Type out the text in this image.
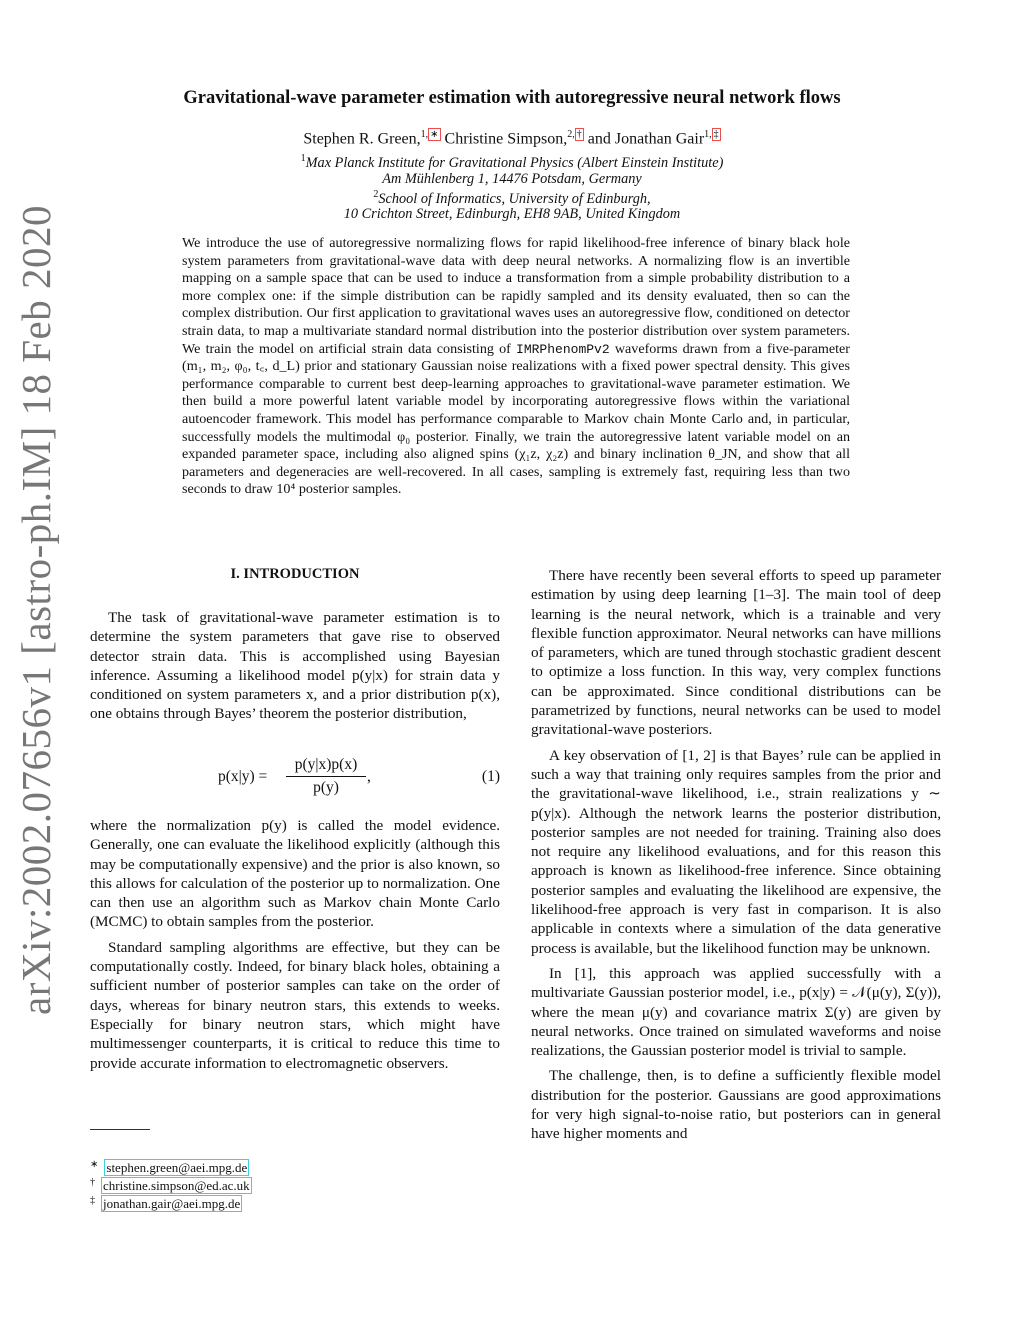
arXiv:2002.07656v1 [astro-ph.IM] 18 Feb 2020
Gravitational-wave parameter estimation with autoregressive neural network flows
Stephen R. Green,$^{1,}$ ∗ Christine Simpson,$^{2,}$ † and Jonathan Gair$^{1,}$ ‡
$^1$Max Planck Institute for Gravitational Physics (Albert Einstein Institute)
Am Mühlenberg 1, 14476 Potsdam, Germany
$^2$School of Informatics, University of Edinburgh,
10 Crichton Street, Edinburgh, EH8 9AB, United Kingdom
We introduce the use of autoregressive normalizing flows for rapid likelihood-free inference of binary black hole system parameters from gravitational-wave data with deep neural networks. A normalizing flow is an invertible mapping on a sample space that can be used to induce a transformation from a simple probability distribution to a more complex one: if the simple distribution can be rapidly sampled and its density evaluated, then so can the complex distribution. Our first application to gravitational waves uses an autoregressive flow, conditioned on detector strain data, to map a multivariate standard normal distribution into the posterior distribution over system parameters. We train the model on artificial strain data consisting of IMRPhenomPv2 waveforms drawn from a five-parameter (m₁, m₂, φ₀, t꜀, d_L) prior and stationary Gaussian noise realizations with a fixed power spectral density. This gives performance comparable to current best deep-learning approaches to gravitational-wave parameter estimation. We then build a more powerful latent variable model by incorporating autoregressive flows within the variational autoencoder framework. This model has performance comparable to Markov chain Monte Carlo and, in particular, successfully models the multimodal φ₀ posterior. Finally, we train the autoregressive latent variable model on an expanded parameter space, including also aligned spins (χ₁z, χ₂z) and binary inclination θ_JN, and show that all parameters and degeneracies are well-recovered. In all cases, sampling is extremely fast, requiring less than two seconds to draw 10⁴ posterior samples.
I. INTRODUCTION

The task of gravitational-wave parameter estimation is to determine the system parameters that gave rise to observed detector strain data. This is accomplished using Bayesian inference. Assuming a likelihood model p(y|x) for strain data y conditioned on system parameters x, and a prior distribution p(x), one obtains through Bayes’ theorem the posterior distribution,

$p(x|y) = \frac{p(y|x)p(x)}{p(y)}$ ,	(1)

where the normalization p(y) is called the model evidence. Generally, one can evaluate the likelihood explicitly (although this may be computationally expensive) and the prior is also known, so this allows for calculation of the posterior up to normalization. One can then use an algorithm such as Markov chain Monte Carlo (MCMC) to obtain samples from the posterior.

Standard sampling algorithms are effective, but they can be computationally costly. Indeed, for binary black holes, obtaining a sufficient number of posterior samples can take on the order of days, whereas for binary neutron stars, this extends to weeks. Especially for binary neutron stars, which might have multimessenger counterparts, it is critical to reduce this time to provide accurate information to electromagnetic observers.

∗ stephen.green@aei.mpg.de
† christine.simpson@ed.ac.uk
‡ jonathan.gair@aei.mpg.de

There have recently been several efforts to speed up parameter estimation by using deep learning [1–3]. The main tool of deep learning is the neural network, which is a trainable and very flexible function approximator. Neural networks can have millions of parameters, which are tuned through stochastic gradient descent to optimize a loss function. In this way, very complex functions can be approximated. Since conditional distributions can be parametrized by functions, neural networks can be used to model gravitational-wave posteriors.

A key observation of [1, 2] is that Bayes’ rule can be applied in such a way that training only requires samples from the prior and the gravitational-wave likelihood, i.e., strain realizations y ∼ p(y|x). Although the network learns the posterior distribution, posterior samples are not needed for training. Training also does not require any likelihood evaluations, and for this reason this approach is known as likelihood-free inference. Since obtaining posterior samples and evaluating the likelihood are expensive, the likelihood-free approach is very fast in comparison. It is also applicable in contexts where a simulation of the data generative process is available, but the likelihood function may be unknown.

In [1], this approach was applied successfully with a multivariate Gaussian posterior model, i.e., p(x|y) = 𝒩(μ(y), Σ(y)), where the mean μ(y) and covariance matrix Σ(y) are given by neural networks. Once trained on simulated waveforms and noise realizations, the Gaussian posterior model is trivial to sample.

The challenge, then, is to define a sufficiently flexible model distribution for the posterior. Gaussians are good approximations for very high signal-to-noise ratio, but posteriors can in general have higher moments and
